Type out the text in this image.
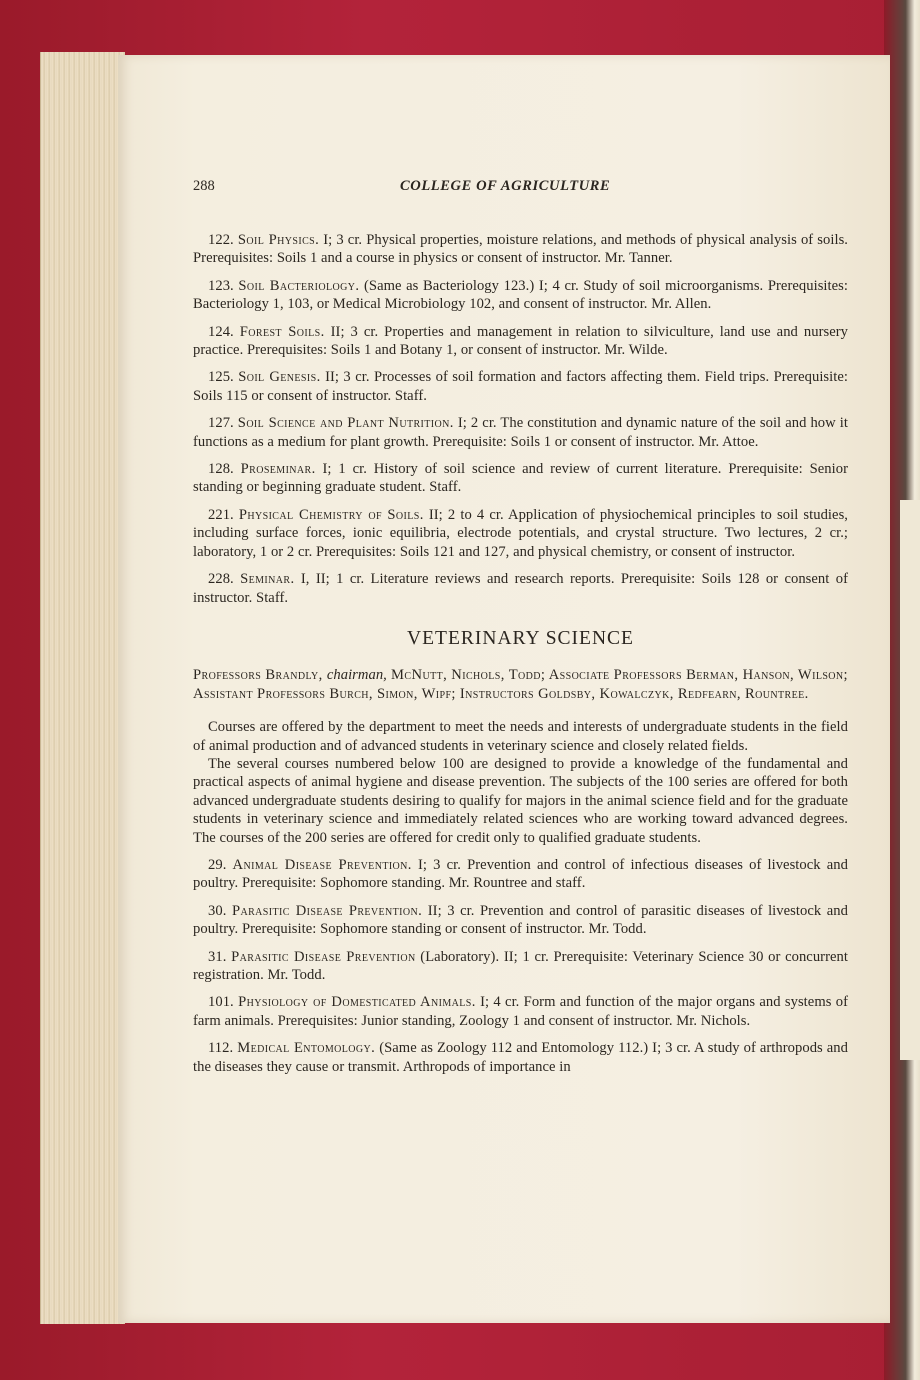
288	COLLEGE OF AGRICULTURE

122. Soil Physics. I; 3 cr. Physical properties, moisture relations, and methods of physical analysis of soils. Prerequisites: Soils 1 and a course in physics or consent of instructor. Mr. Tanner.

123. Soil Bacteriology. (Same as Bacteriology 123.) I; 4 cr. Study of soil microorganisms. Prerequisites: Bacteriology 1, 103, or Medical Microbiology 102, and consent of instructor. Mr. Allen.

124. Forest Soils. II; 3 cr. Properties and management in relation to silviculture, land use and nursery practice. Prerequisites: Soils 1 and Botany 1, or consent of instructor. Mr. Wilde.

125. Soil Genesis. II; 3 cr. Processes of soil formation and factors affecting them. Field trips. Prerequisite: Soils 115 or consent of instructor. Staff.

127. Soil Science and Plant Nutrition. I; 2 cr. The constitution and dynamic nature of the soil and how it functions as a medium for plant growth. Prerequisite: Soils 1 or consent of instructor. Mr. Attoe.

128. Proseminar. I; 1 cr. History of soil science and review of current literature. Prerequisite: Senior standing or beginning graduate student. Staff.

221. Physical Chemistry of Soils. II; 2 to 4 cr. Application of physiochemical principles to soil studies, including surface forces, ionic equilibria, electrode potentials, and crystal structure. Two lectures, 2 cr.; laboratory, 1 or 2 cr. Prerequisites: Soils 121 and 127, and physical chemistry, or consent of instructor.

228. Seminar. I, II; 1 cr. Literature reviews and research reports. Prerequisite: Soils 128 or consent of instructor. Staff.

VETERINARY SCIENCE

Professors Brandly, chairman, McNutt, Nichols, Todd; Associate Professors Berman, Hanson, Wilson; Assistant Professors Burch, Simon, Wipf; Instructors Goldsby, Kowalczyk, Redfearn, Rountree.

Courses are offered by the department to meet the needs and interests of undergraduate students in the field of animal production and of advanced students in veterinary science and closely related fields.

The several courses numbered below 100 are designed to provide a knowledge of the fundamental and practical aspects of animal hygiene and disease prevention. The subjects of the 100 series are offered for both advanced undergraduate students desiring to qualify for majors in the animal science field and for the graduate students in veterinary science and immediately related sciences who are working toward advanced degrees. The courses of the 200 series are offered for credit only to qualified graduate students.

29. Animal Disease Prevention. I; 3 cr. Prevention and control of infectious diseases of livestock and poultry. Prerequisite: Sophomore standing. Mr. Rountree and staff.

30. Parasitic Disease Prevention. II; 3 cr. Prevention and control of parasitic diseases of livestock and poultry. Prerequisite: Sophomore standing or consent of instructor. Mr. Todd.

31. Parasitic Disease Prevention (Laboratory). II; 1 cr. Prerequisite: Veterinary Science 30 or concurrent registration. Mr. Todd.

101. Physiology of Domesticated Animals. I; 4 cr. Form and function of the major organs and systems of farm animals. Prerequisites: Junior standing, Zoology 1 and consent of instructor. Mr. Nichols.

112. Medical Entomology. (Same as Zoology 112 and Entomology 112.) I; 3 cr. A study of arthropods and the diseases they cause or transmit. Arthropods of importance in
